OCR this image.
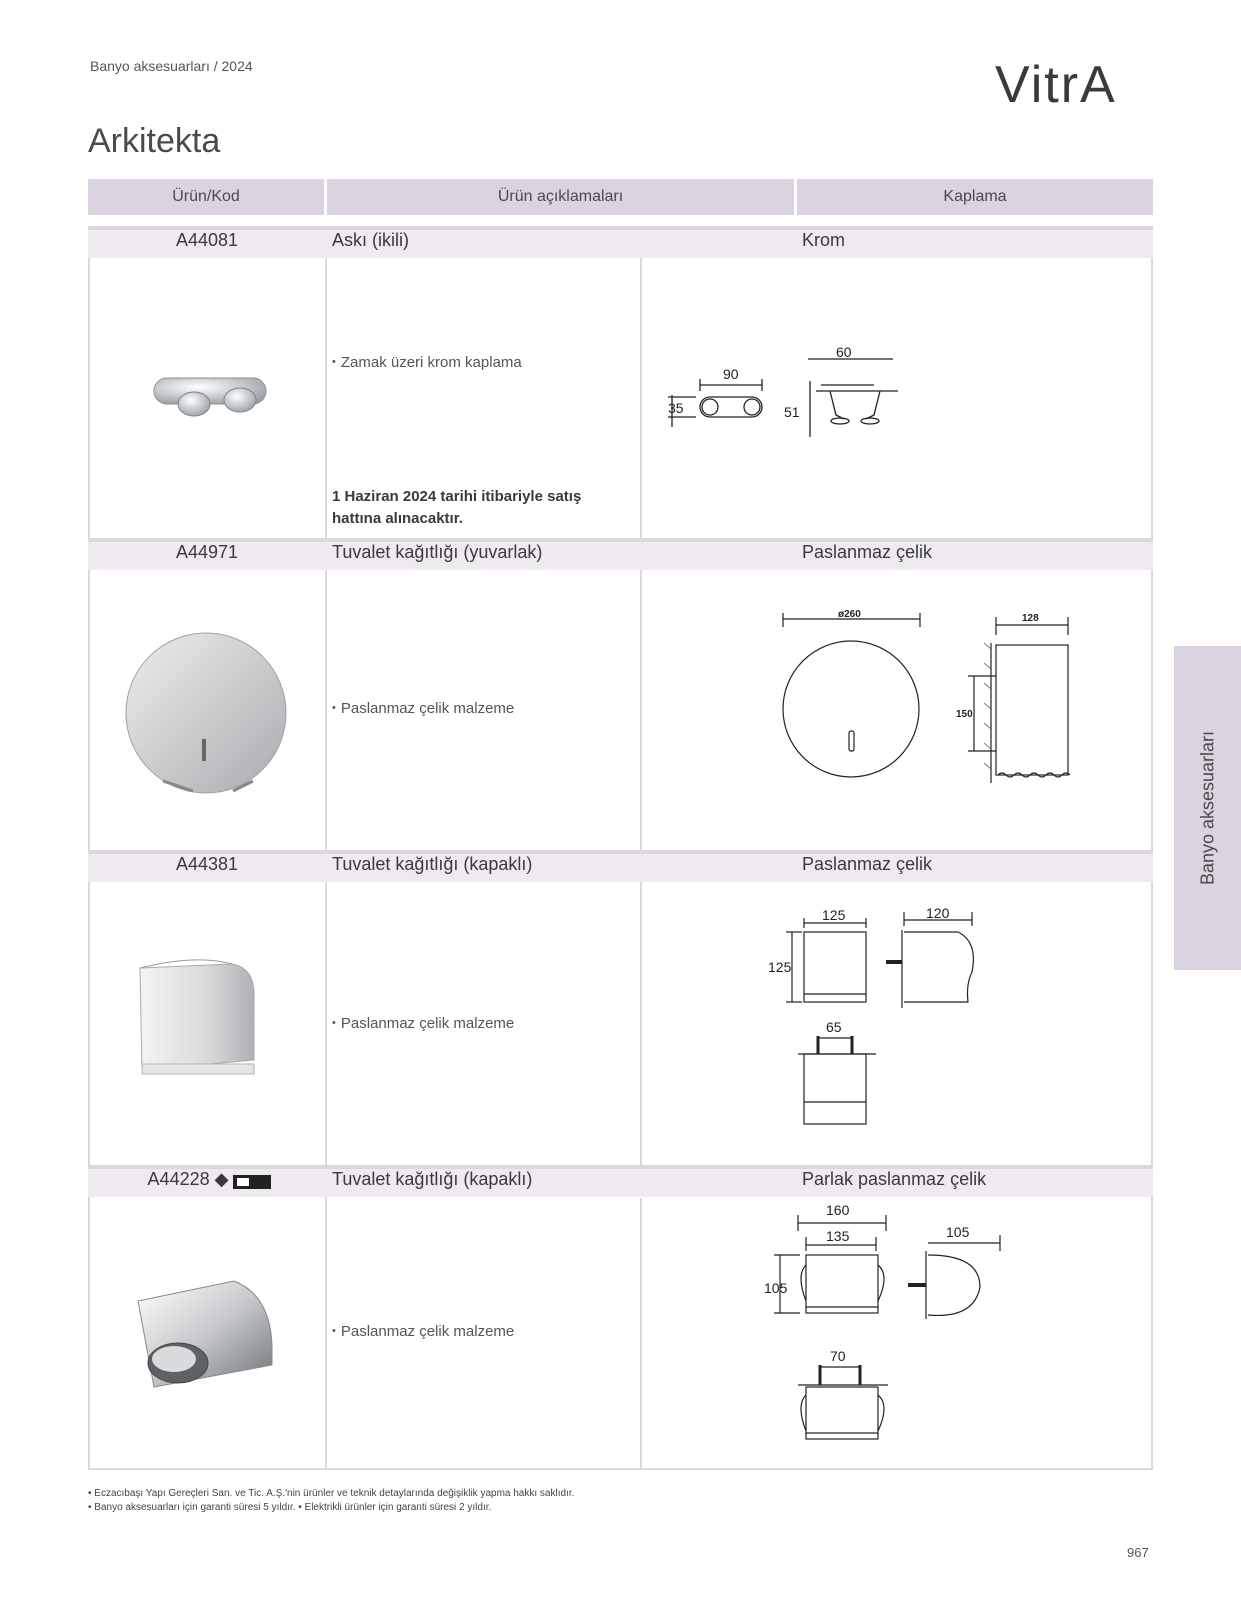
Banyo aksesuarları / 2024	VitrA
Arkitekta
Ürün/Kod	Ürün açıklamaları	Kaplama
A44081	Askı (ikili)	Krom
• Zamak üzeri krom kaplama
1 Haziran 2024 tarihi itibariyle satış
hattına alınacaktır.
90
35
60
51
A44971	Tuvalet kağıtlığı (yuvarlak)	Paslanmaz çelik
• Paslanmaz çelik malzeme
ø260	128
150
A44381	Tuvalet kağıtlığı (kapaklı)	Paslanmaz çelik
• Paslanmaz çelik malzeme
125
125
120
65
A44228 ◆	Tuvalet kağıtlığı (kapaklı)	Parlak paslanmaz çelik
• Paslanmaz çelik malzeme
160
135
105
105
70
Banyo aksesuarları
• Eczacıbaşı Yapı Gereçleri San. ve Tic. A.Ş.'nin ürünler ve teknik detaylarında değişiklik yapma hakkı saklıdır.
• Banyo aksesuarları için garanti süresi 5 yıldır. • Elektrikli ürünler için garanti süresi 2 yıldır.
967
